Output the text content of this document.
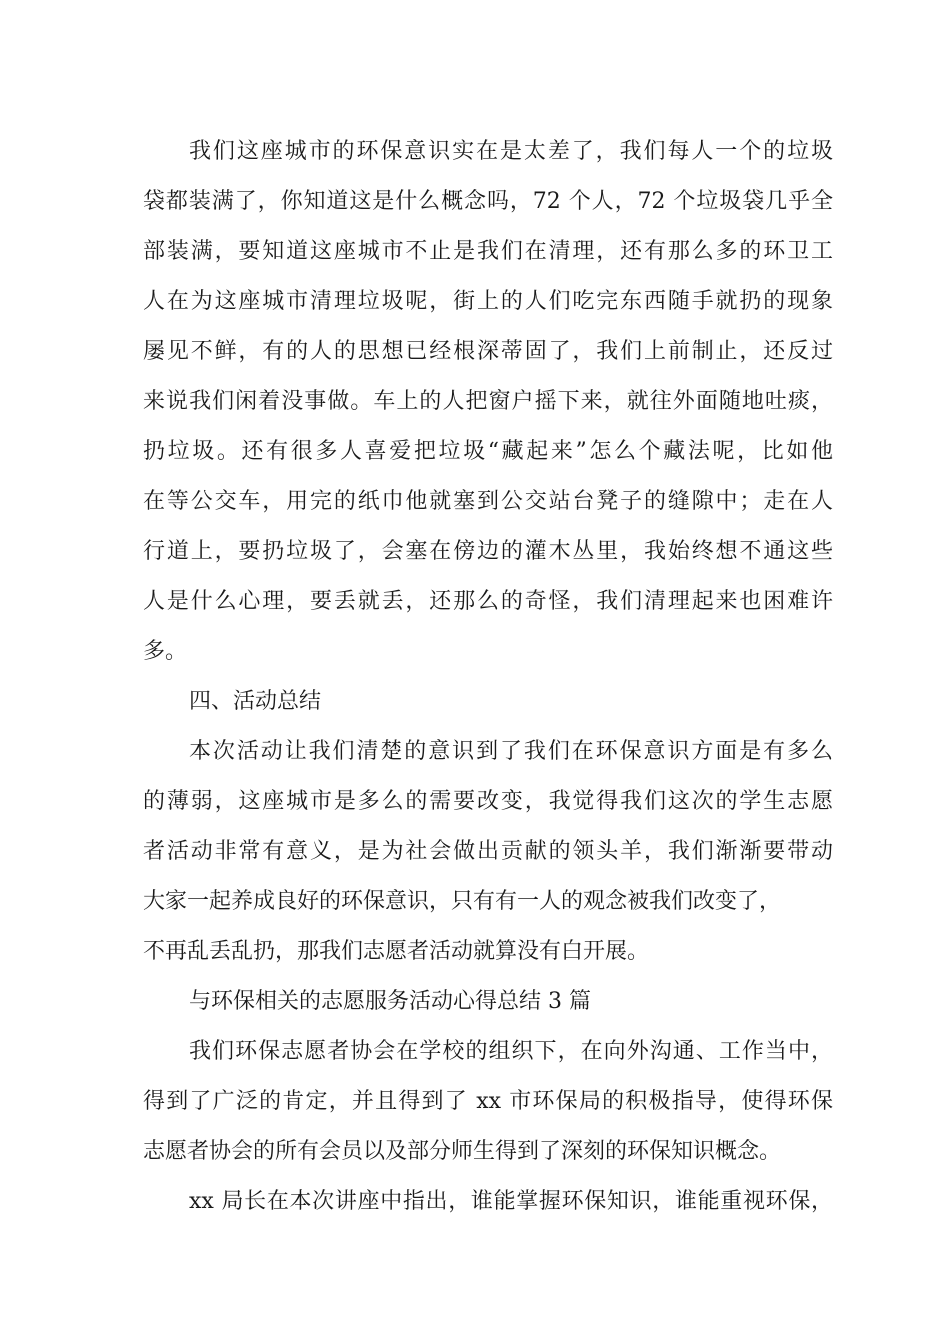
我们这座城市的环保意识实在是太差了，我们每人一个的垃圾
袋都装满了，你知道这是什么概念吗，72 个人，72 个垃圾袋几乎全
部装满，要知道这座城市不止是我们在清理，还有那么多的环卫工
人在为这座城市清理垃圾呢，街上的人们吃完东西随手就扔的现象
屡见不鲜，有的人的思想已经根深蒂固了，我们上前制止，还反过
来说我们闲着没事做。车上的人把窗户摇下来，就往外面随地吐痰，
扔垃圾。还有很多人喜爱把垃圾“藏起来”怎么个藏法呢，比如他
在等公交车，用完的纸巾他就塞到公交站台凳子的缝隙中；走在人
行道上，要扔垃圾了，会塞在傍边的灌木丛里，我始终想不通这些
人是什么心理，要丢就丢，还那么的奇怪，我们清理起来也困难许
多。
四、活动总结
本次活动让我们清楚的意识到了我们在环保意识方面是有多么
的薄弱，这座城市是多么的需要改变，我觉得我们这次的学生志愿
者活动非常有意义，是为社会做出贡献的领头羊，我们渐渐要带动
大家一起养成良好的环保意识，只有有一人的观念被我们改变了，
不再乱丢乱扔，那我们志愿者活动就算没有白开展。
与环保相关的志愿服务活动心得总结 3 篇
我们环保志愿者协会在学校的组织下，在向外沟通、工作当中，
得到了广泛的肯定，并且得到了 xx 市环保局的积极指导，使得环保
志愿者协会的所有会员以及部分师生得到了深刻的环保知识概念。
xx 局长在本次讲座中指出，谁能掌握环保知识，谁能重视环保，
